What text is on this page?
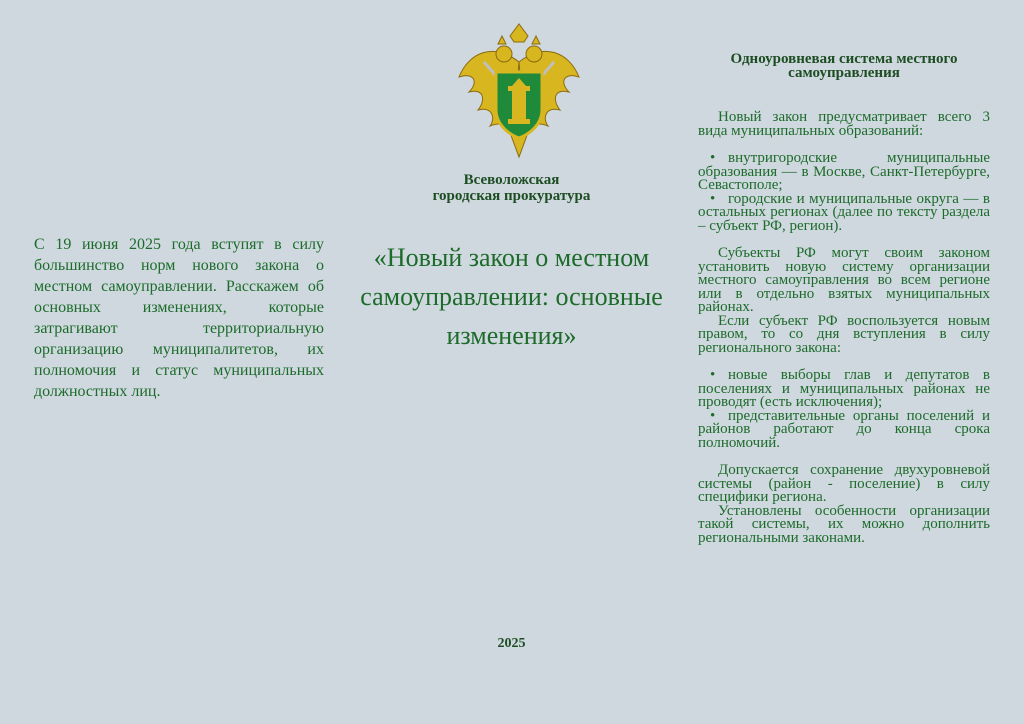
С 19 июня 2025 года вступят в силу большинство норм нового закона о местном самоуправлении. Расскажем об основных изменениях, которые затрагивают территориальную организацию муниципалитетов, их полномочия и статус муниципальных должностных лиц.
Всеволожская
городская прокуратура
«Новый закон о местном самоуправлении: основные изменения»
2025
Одноуровневая система местного самоуправления

Новый закон предусматривает всего 3 вида муниципальных образований:

• внутригородские муниципальные образования — в Москве, Санкт-Петербурге, Севастополе;
• городские и муниципальные округа — в остальных регионах (далее по тексту раздела – субъект РФ, регион).

Субъекты РФ могут своим законом установить новую систему организации местного самоуправления во всем регионе или в отдельно взятых муниципальных районах.

Если субъект РФ воспользуется новым правом, то со дня вступления в силу регионального закона:

• новые выборы глав и депутатов в поселениях и муниципальных районах не проводят (есть исключения);
• представительные органы поселений и районов работают до конца срока полномочий.

Допускается сохранение двухуровневой системы (район - поселение) в силу специфики региона.

Установлены особенности организации такой системы, их можно дополнить региональными законами.
